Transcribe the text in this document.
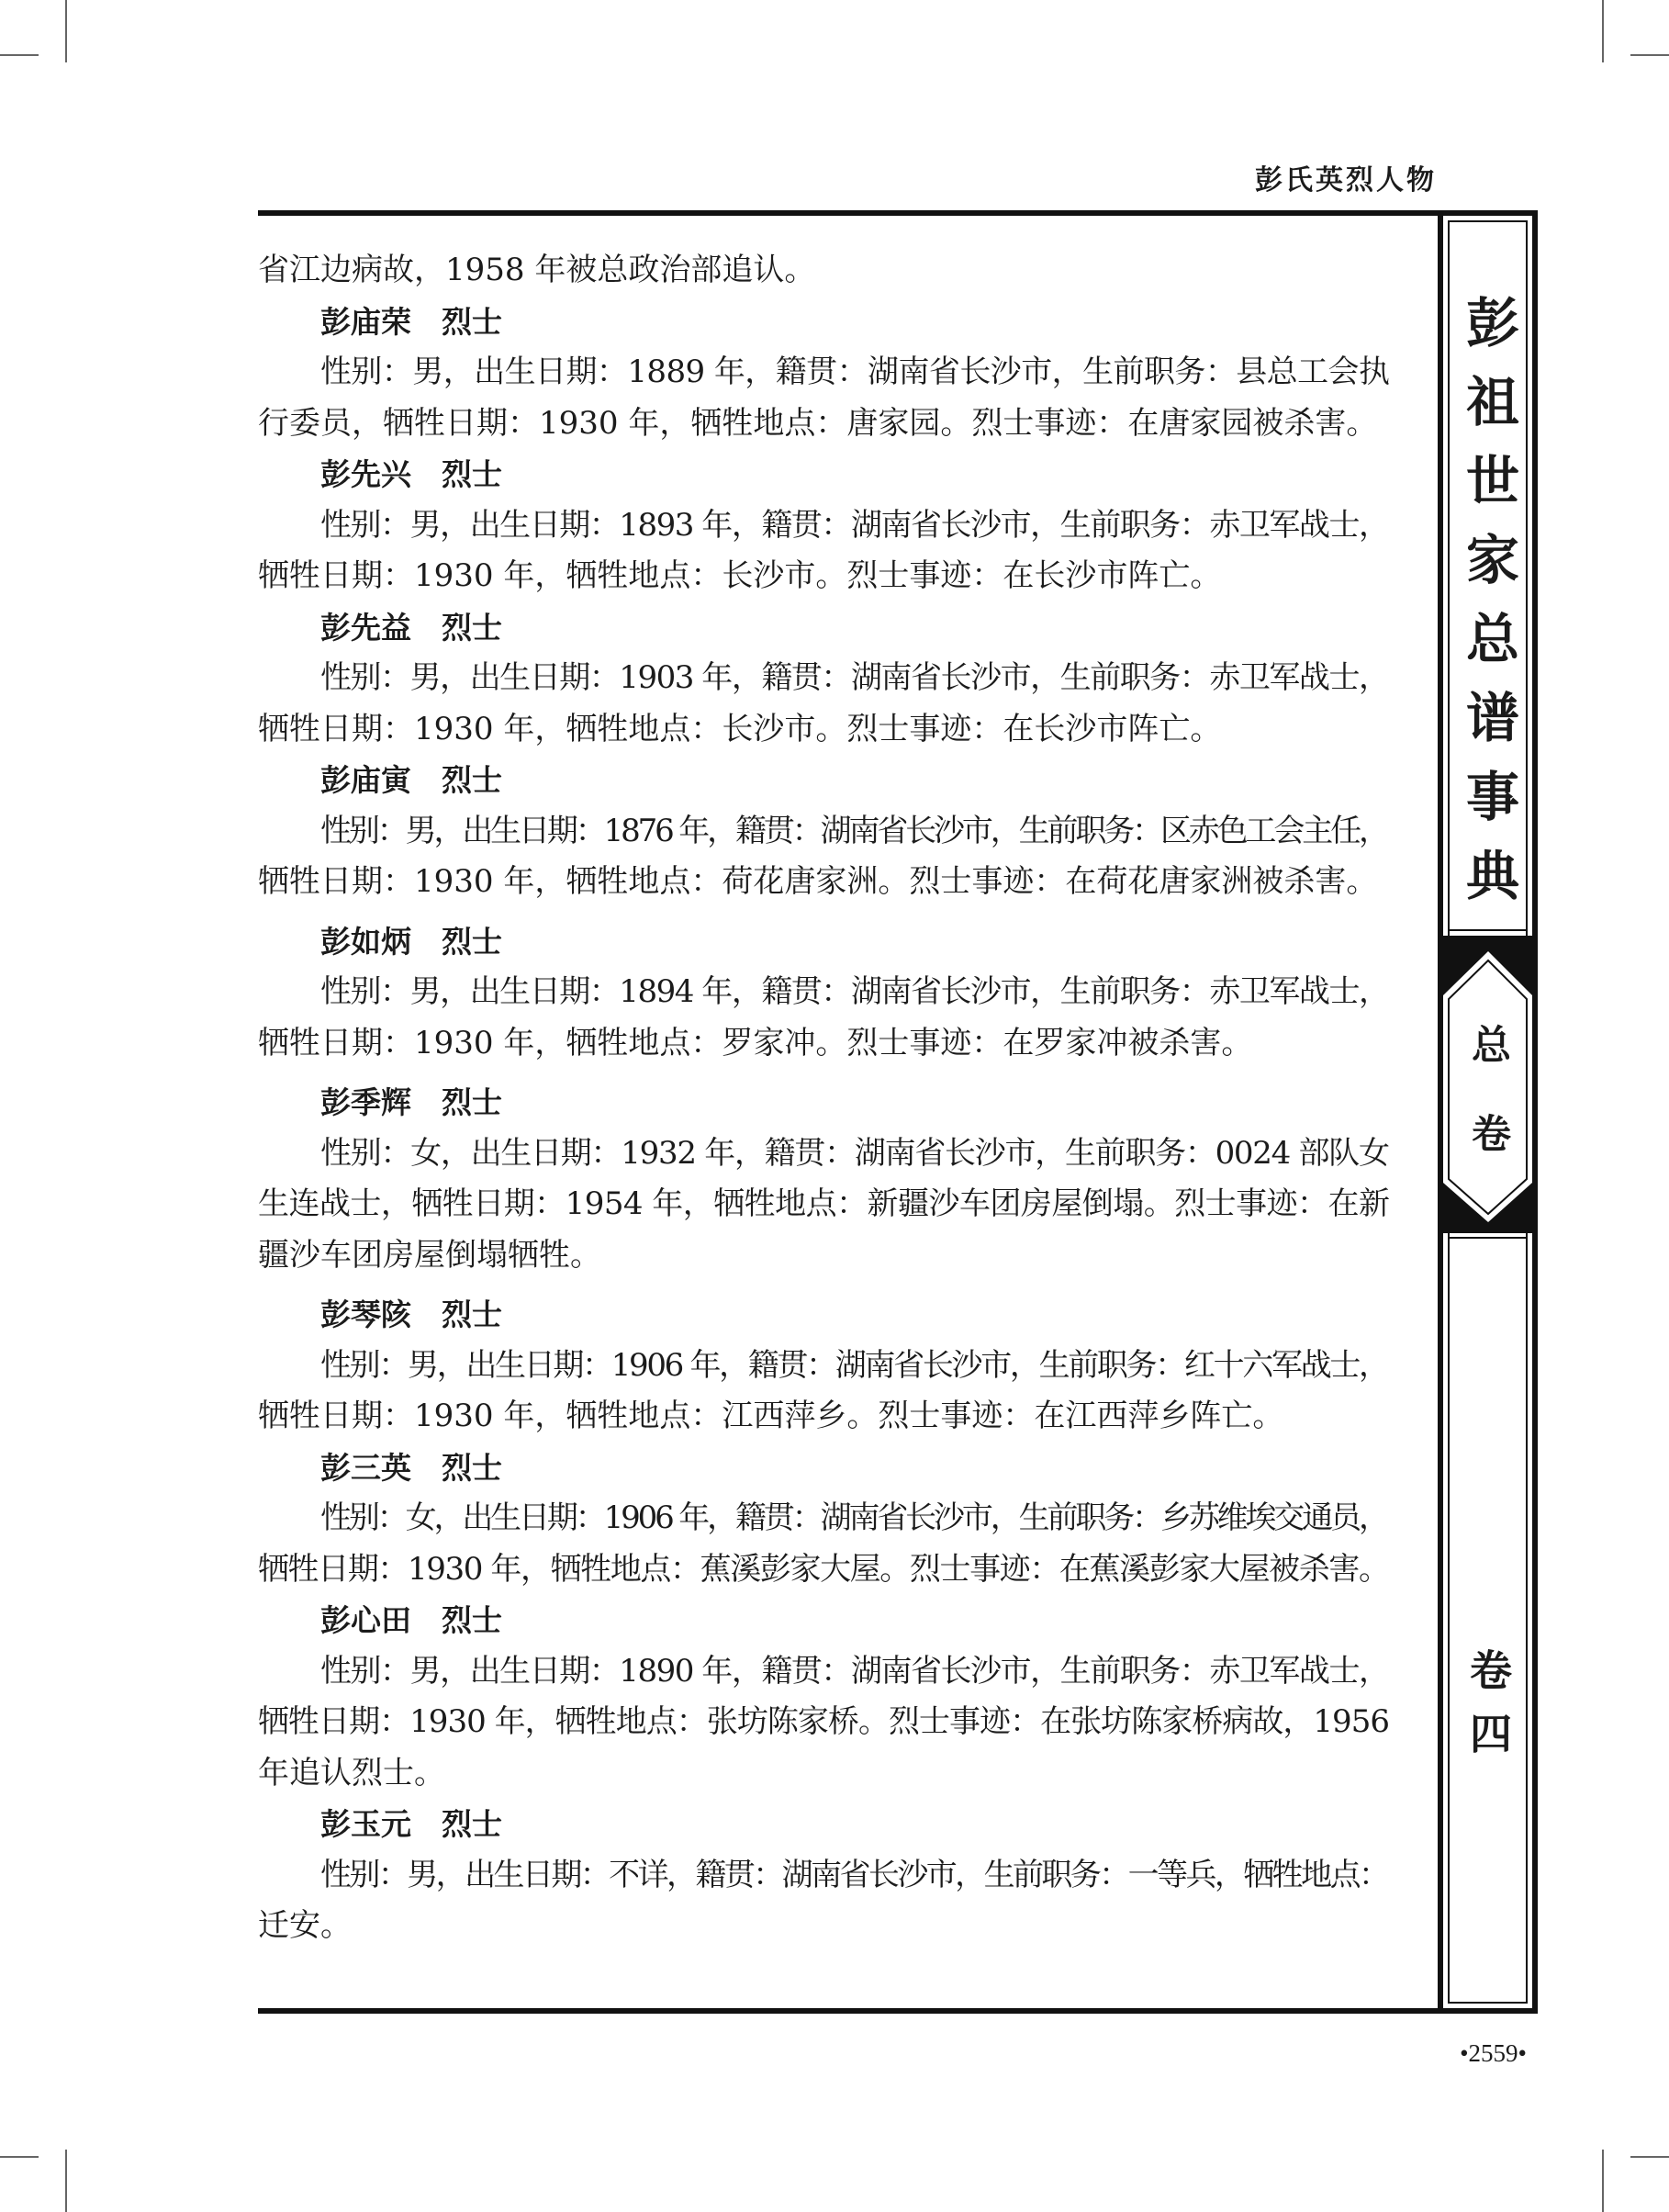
彭氏英烈人物
彭祖世家总谱事典
总卷
卷四
省江边病故，1958 年被总政治部追认。
彭庙荣 烈士
性别：男，出生日期：1889 年，籍贯：湖南省长沙市，生前职务：县总工会执
行委员，牺牲日期：1930 年，牺牲地点：唐家园。烈士事迹：在唐家园被杀害。
彭先兴 烈士
性别：男，出生日期：1893 年，籍贯：湖南省长沙市，生前职务：赤卫军战士，
牺牲日期：1930 年，牺牲地点：长沙市。烈士事迹：在长沙市阵亡。
彭先益 烈士
性别：男，出生日期：1903 年，籍贯：湖南省长沙市，生前职务：赤卫军战士，
牺牲日期：1930 年，牺牲地点：长沙市。烈士事迹：在长沙市阵亡。
彭庙寅 烈士
性别：男，出生日期：1876 年，籍贯：湖南省长沙市，生前职务：区赤色工会主任，
牺牲日期：1930 年，牺牲地点：荷花唐家洲。烈士事迹：在荷花唐家洲被杀害。
彭如炳 烈士
性别：男，出生日期：1894 年，籍贯：湖南省长沙市，生前职务：赤卫军战士，
牺牲日期：1930 年，牺牲地点：罗家冲。烈士事迹：在罗家冲被杀害。
彭季辉 烈士
性别：女，出生日期：1932 年，籍贯：湖南省长沙市，生前职务：0024 部队女
生连战士，牺牲日期：1954 年，牺牲地点：新疆沙车团房屋倒塌。烈士事迹：在新
疆沙车团房屋倒塌牺牲。
彭琴陔 烈士
性别：男，出生日期：1906 年，籍贯：湖南省长沙市，生前职务：红十六军战士，
牺牲日期：1930 年，牺牲地点：江西萍乡。烈士事迹：在江西萍乡阵亡。
彭三英 烈士
性别：女，出生日期：1906 年，籍贯：湖南省长沙市，生前职务：乡苏维埃交通员，
牺牲日期：1930 年，牺牲地点：蕉溪彭家大屋。烈士事迹：在蕉溪彭家大屋被杀害。
彭心田 烈士
性别：男，出生日期：1890 年，籍贯：湖南省长沙市，生前职务：赤卫军战士，
牺牲日期：1930 年，牺牲地点：张坊陈家桥。烈士事迹：在张坊陈家桥病故，1956
年追认烈士。
彭玉元 烈士
性别：男，出生日期：不详，籍贯：湖南省长沙市，生前职务：一等兵，牺牲地点：
迁安。
•2559•
